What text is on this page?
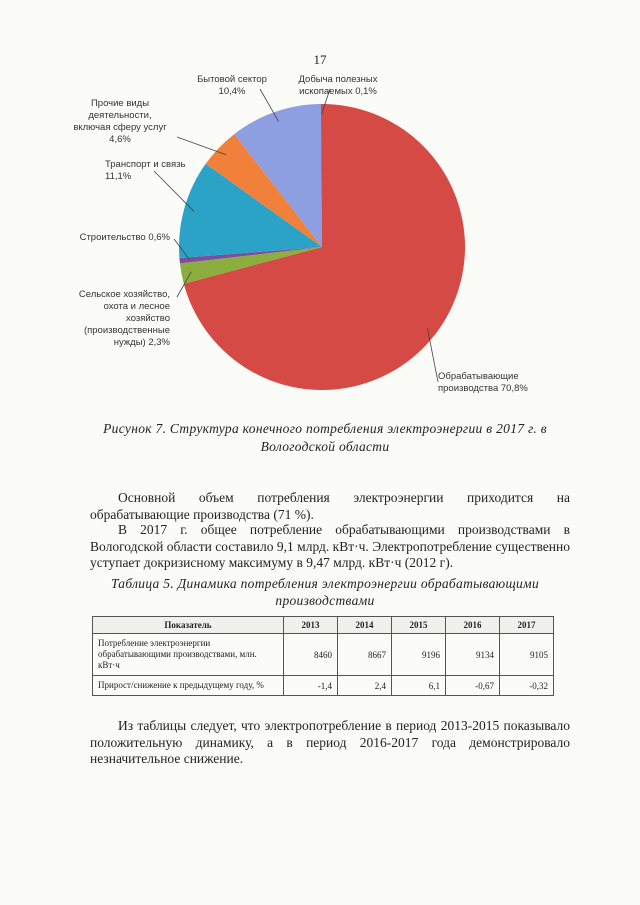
17
Обрабатывающие производства 70,8%
Сельское хозяйство, охота и лесное хозяйство (производственные нужды) 2,3%
Строительство 0,6%
Транспорт и связь 11,1%
Прочие виды деятельности, включая сферу услуг 4,6%
Бытовой сектор 10,4%
Добыча полезных ископаемых 0,1%
Рисунок 7. Структура конечного потребления электроэнергии в 2017 г. в
Вологодской области

Основной объем потребления электроэнергии приходится на обрабатывающие производства (71 %).

В 2017 г. общее потребление обрабатывающими производствами в Вологодской области составило 9,1 млрд. кВт·ч. Электропотребление существенно уступает докризисному максимуму в 9,47 млрд. кВт·ч (2012 г).

Таблица 5. Динамика потребления электроэнергии обрабатывающими
производствами
Показатель	2013	2014	2015	2016	2017
Потребление электроэнергии обрабатывающими производствами, млн. кВт·ч	8460	8667	9196	9134	9105
Прирост/снижение к предыдущему году, %	-1,4	2,4	6,1	-0,67	-0,32

Из таблицы следует, что электропотребление в период 2013-2015 показывало положительную динамику, а в период 2016-2017 года демонстрировало незначительное снижение.
